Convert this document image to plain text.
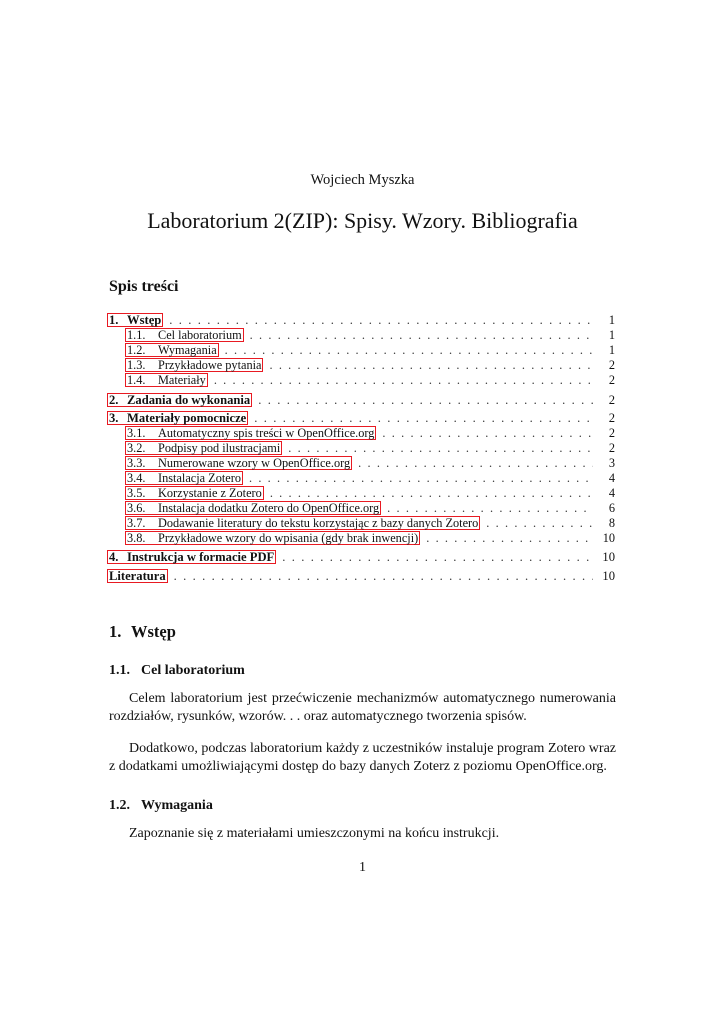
Wojciech Myszka
Laboratorium 2(ZIP): Spisy. Wzory. Bibliografia
Spis treści
1. Wstęp . . .	1
1.1.	Cel laboratorium . . .	1
1.2.	Wymagania . . .	1
1.3.	Przykładowe pytania . . .	2
1.4.	Materiały . . .	2
2. Zadania do wykonania . . .	2
3. Materiały pomocnicze . . .	2
3.1.	Automatyczny spis treści w OpenOffice.org . . .	2
3.2.	Podpisy pod ilustracjami . . .	2
3.3.	Numerowane wzory w OpenOffice.org . . .	3
3.4.	Instalacja Zotero . . .	4
3.5.	Korzystanie z Zotero . . .	4
3.6.	Instalacja dodatku Zotero do OpenOffice.org . . .	6
3.7.	Dodawanie literatury do tekstu korzystając z bazy danych Zotero . . .	8
3.8.	Przykładowe wzory do wpisania (gdy brak inwencji) . . .	10
4. Instrukcja w formacie PDF . . .	10
Literatura . . .	10
1. Wstęp
1.1. Cel laboratorium
Celem laboratorium jest przećwiczenie mechanizmów automatycznego numerowania rozdziałów, rysunków, wzorów. . . oraz automatycznego tworzenia spisów.
Dodatkowo, podczas laboratorium każdy z uczestników instaluje program Zotero wraz z dodatkami umożliwiającymi dostęp do bazy danych Zoterz z poziomu OpenOffice.org.
1.2. Wymagania
Zapoznanie się z materiałami umieszczonymi na końcu instrukcji.
1
